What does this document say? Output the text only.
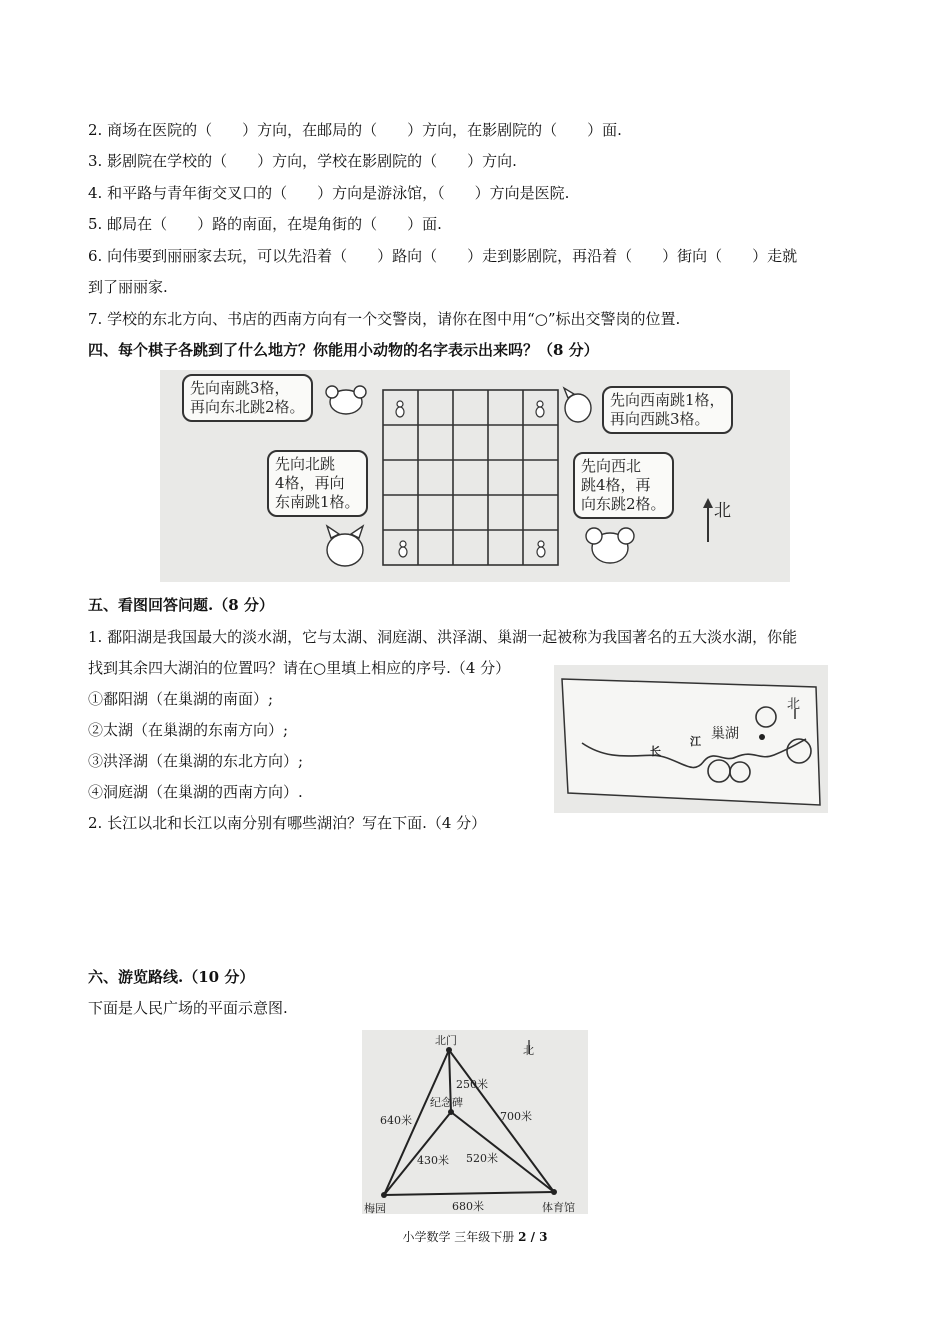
2. 商场在医院的（　　）方向，在邮局的（　　）方向，在影剧院的（　　）面.
3. 影剧院在学校的（　　）方向，学校在影剧院的（　　）方向.
4. 和平路与青年街交叉口的（　　）方向是游泳馆，（　　）方向是医院.
5. 邮局在（　　）路的南面，在堤角街的（　　）面.
6. 向伟要到丽丽家去玩，可以先沿着（　　）路向（　　）走到影剧院，再沿着（　　）街向（　　）走就
到了丽丽家.
7. 学校的东北方向、书店的西南方向有一个交警岗，请你在图中用“○”标出交警岗的位置.
四、每个棋子各跳到了什么地方？你能用小动物的名字表示出来吗？（8 分）
先向南跳3格，
再向东北跳2格。	先向西南跳1格，
再向西跳3格。
先向北跳
4格，再向
东南跳1格。
先向西北
跳4格，再
向东跳2格。	北
五、看图回答问题.（8 分）
1. 鄱阳湖是我国最大的淡水湖，它与太湖、洞庭湖、洪泽湖、巢湖一起被称为我国著名的五大淡水湖，你能
找到其余四大湖泊的位置吗？请在○里填上相应的序号.（4 分）
①鄱阳湖（在巢湖的南面）;
②太湖（在巢湖的东南方向）;
③洪泽湖（在巢湖的东北方向）;
④洞庭湖（在巢湖的西南方向）.
2. 长江以北和长江以南分别有哪些湖泊？写在下面.（4 分）
北
巢湖
长
江
六、游览路线.（10 分）
下面是人民广场的平面示意图.
北门
北
250米
纪念碑
640米	700米
430米 520米
梅园	680米	体育馆
小学数学 三年级下册 2 / 3
